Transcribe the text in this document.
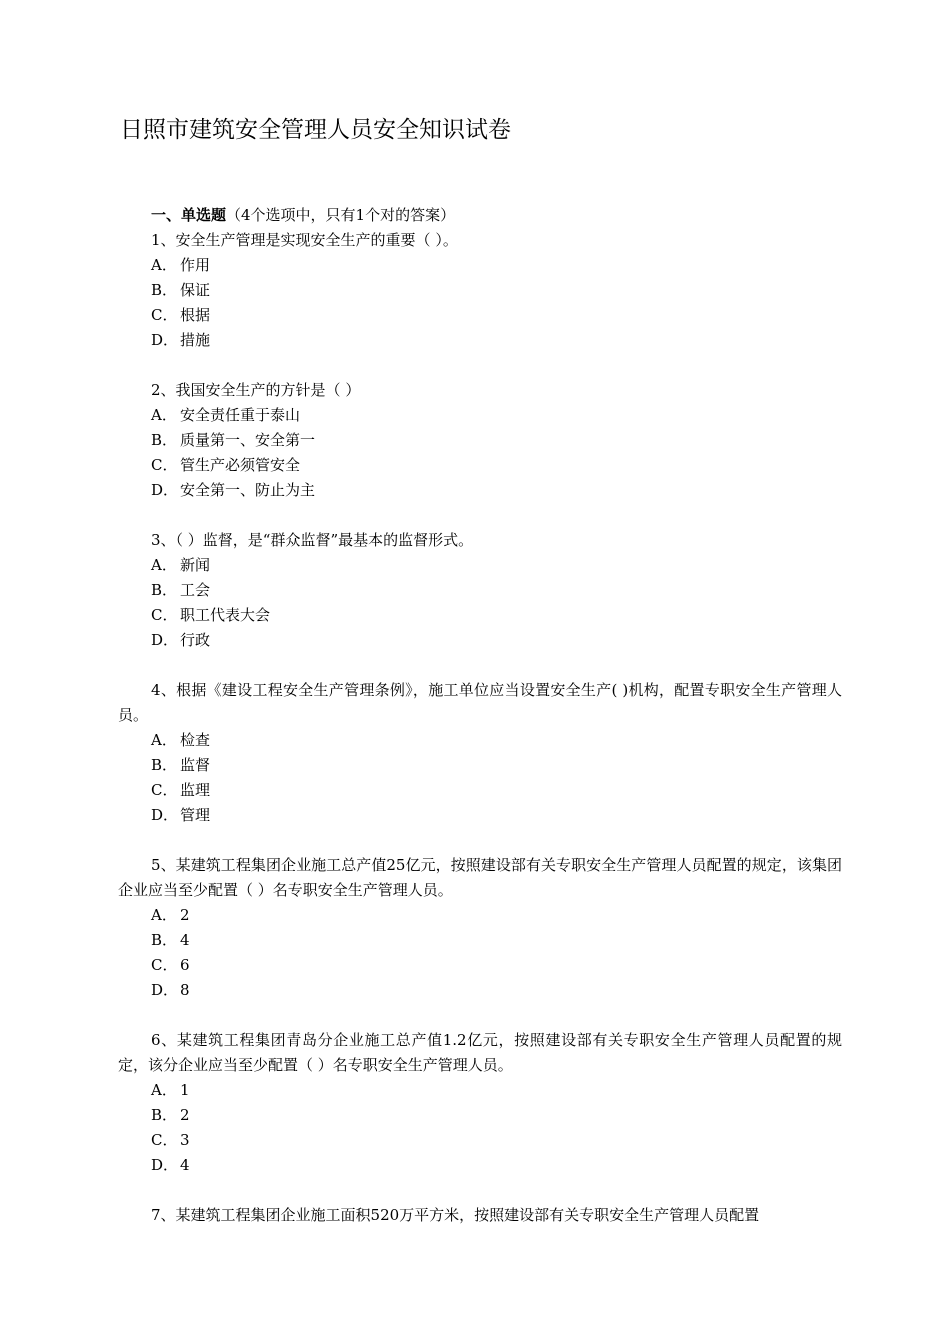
日照市建筑安全管理人员安全知识试卷

一、单选题（4个选项中，只有1个对的答案）

1、安全生产管理是实现安全生产的重要（ ）。

A． 作用

B． 保证

C． 根据

D． 措施

2、我国安全生产的方针是（ ）

A． 安全责任重于泰山

B． 质量第一、安全第一

C． 管生产必须管安全

D． 安全第一、防止为主

3、（ ）监督，是“群众监督”最基本的监督形式。

A． 新闻

B． 工会

C． 职工代表大会

D． 行政

4、根据《建设工程安全生产管理条例》，施工单位应当设置安全生产( )机构，配置专职安全生产管理人员。

A． 检查

B． 监督

C． 监理

D． 管理

5、某建筑工程集团企业施工总产值25亿元，按照建设部有关专职安全生产管理人员配置的规定，该集团企业应当至少配置（ ）名专职安全生产管理人员。

A． 2

B． 4

C． 6

D． 8

6、某建筑工程集团青岛分企业施工总产值1.2亿元，按照建设部有关专职安全生产管理人员配置的规定，该分企业应当至少配置（ ）名专职安全生产管理人员。

A． 1

B． 2

C． 3

D． 4

7、某建筑工程集团企业施工面积520万平方米，按照建设部有关专职安全生产管理人员配置
